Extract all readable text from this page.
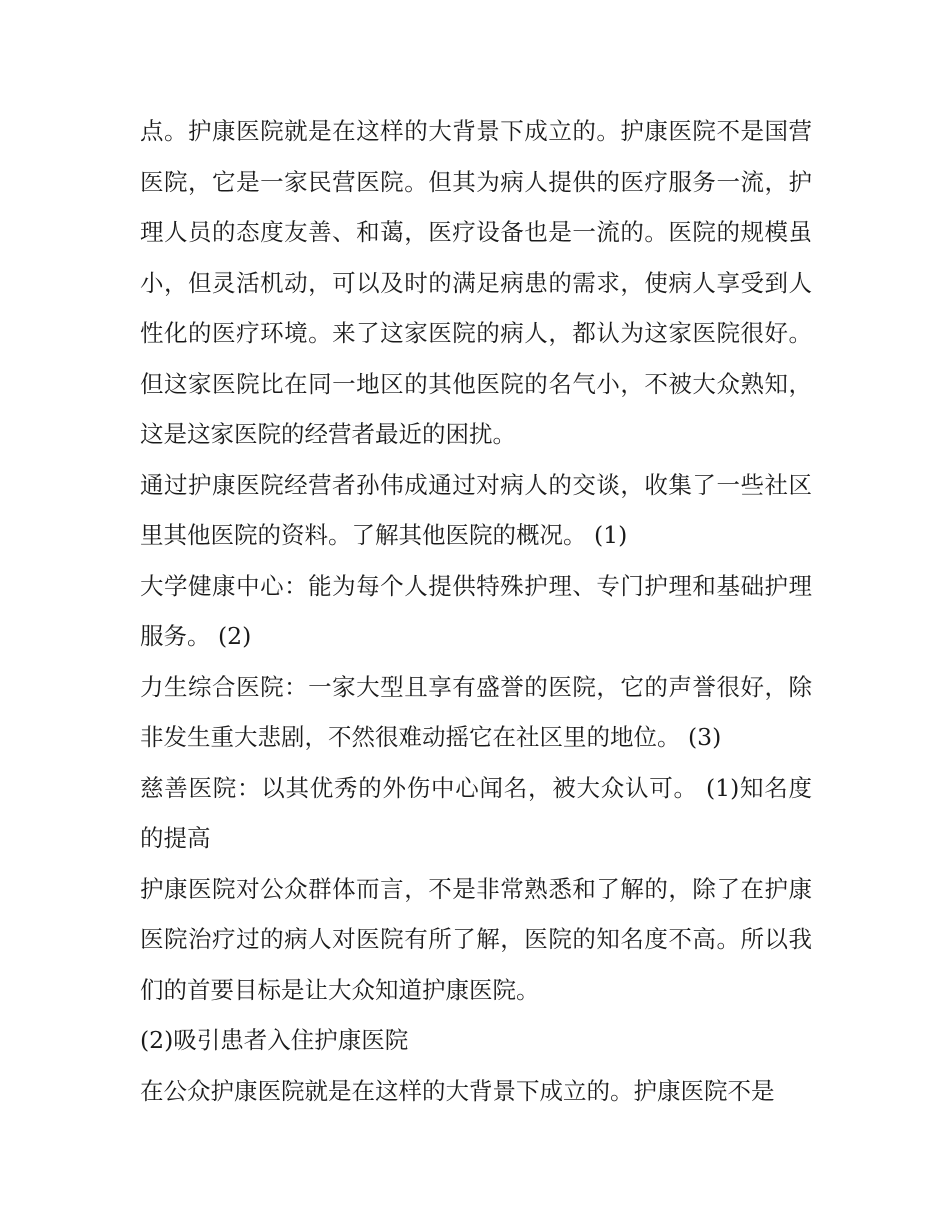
点。护康医院就是在这样的大背景下成立的。护康医院不是国营医院，它是一家民营医院。但其为病人提供的医疗服务一流，护理人员的态度友善、和蔼，医疗设备也是一流的。医院的规模虽小，但灵活机动，可以及时的满足病患的需求，使病人享受到人性化的医疗环境。来了这家医院的病人，都认为这家医院很好。但这家医院比在同一地区的其他医院的名气小，不被大众熟知，这是这家医院的经营者最近的困扰。

通过护康医院经营者孙伟成通过对病人的交谈，收集了一些社区里其他医院的资料。了解其他医院的概况。 (1)

大学健康中心：能为每个人提供特殊护理、专门护理和基础护理服务。 (2)

力生综合医院：一家大型且享有盛誉的医院，它的声誉很好，除非发生重大悲剧，不然很难动摇它在社区里的地位。 (3)

慈善医院：以其优秀的外伤中心闻名，被大众认可。 (1)知名度的提高

护康医院对公众群体而言，不是非常熟悉和了解的，除了在护康医院治疗过的病人对医院有所了解，医院的知名度不高。所以我们的首要目标是让大众知道护康医院。

(2)吸引患者入住护康医院

在公众护康医院就是在这样的大背景下成立的。护康医院不是
